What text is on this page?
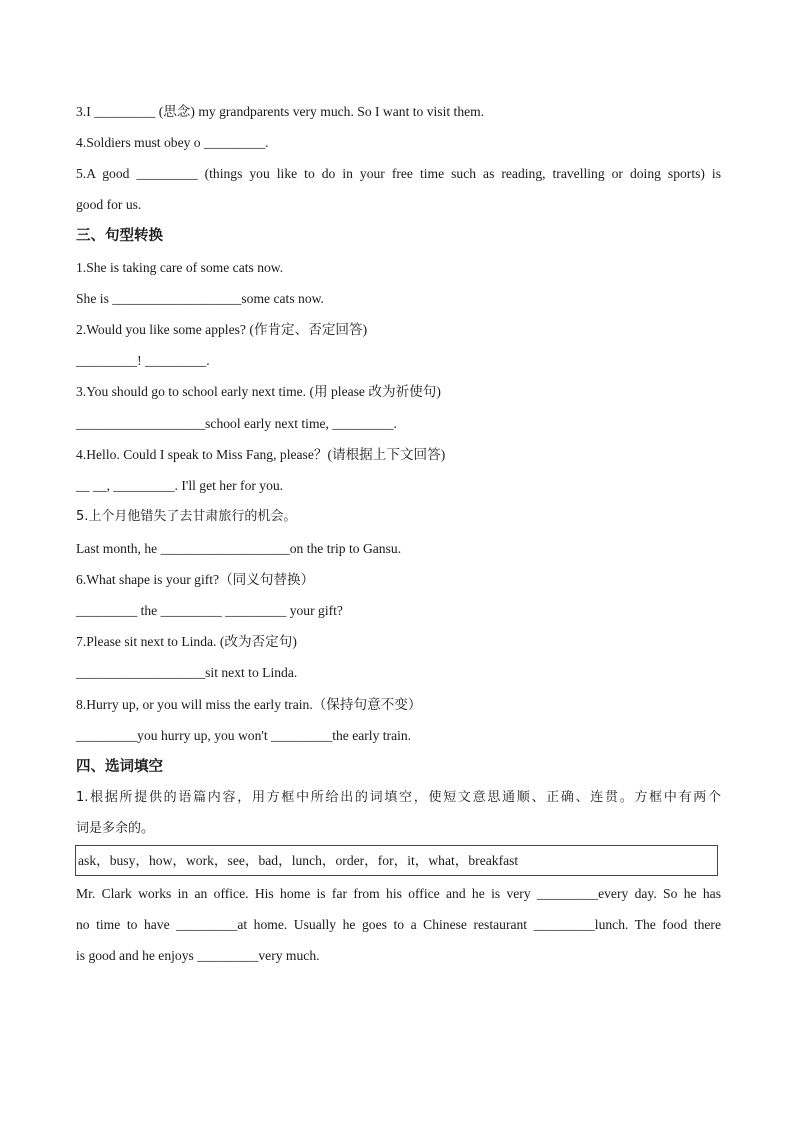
3.I _________ (思念) my grandparents very much. So I want to visit them.
4.Soldiers must obey o _________.
5.A good _________ (things you like to do in your free time such as reading, travelling or doing sports) is
good for us.
三、句型转换
1.She is taking care of some cats now.
She is ___________________some cats now.
2.Would you like some apples? (作肯定、否定回答)
_________! _________.
3.You should go to school early next time. (用 please 改为祈使句)
___________________school early next time, _________.
4.Hello. Could I speak to Miss Fang, please？(请根据上下文回答)
__ __, _________. I'll get her for you.
5.上个月他错失了去甘肃旅行的机会。
Last month, he ___________________on the trip to Gansu.
6.What shape is your gift?（同义句替换）
_________ the _________ _________ your gift?
7.Please sit next to Linda. (改为否定句)
___________________sit next to Linda.
8.Hurry up, or you will miss the early train.（保持句意不变）
_________you hurry up, you won't _________the early train.
四、选词填空
1.根据所提供的语篇内容，用方框中所给出的词填空，使短文意思通顺、正确、连贯。方框中有两个
词是多余的。
ask，busy，how，work，see，bad，lunch，order，for，it，what，breakfast
Mr. Clark works in an office. His home is far from his office and he is very _________every day. So he has
no time to have _________at home. Usually he goes to a Chinese restaurant _________lunch. The food there
is good and he enjoys _________very much.
